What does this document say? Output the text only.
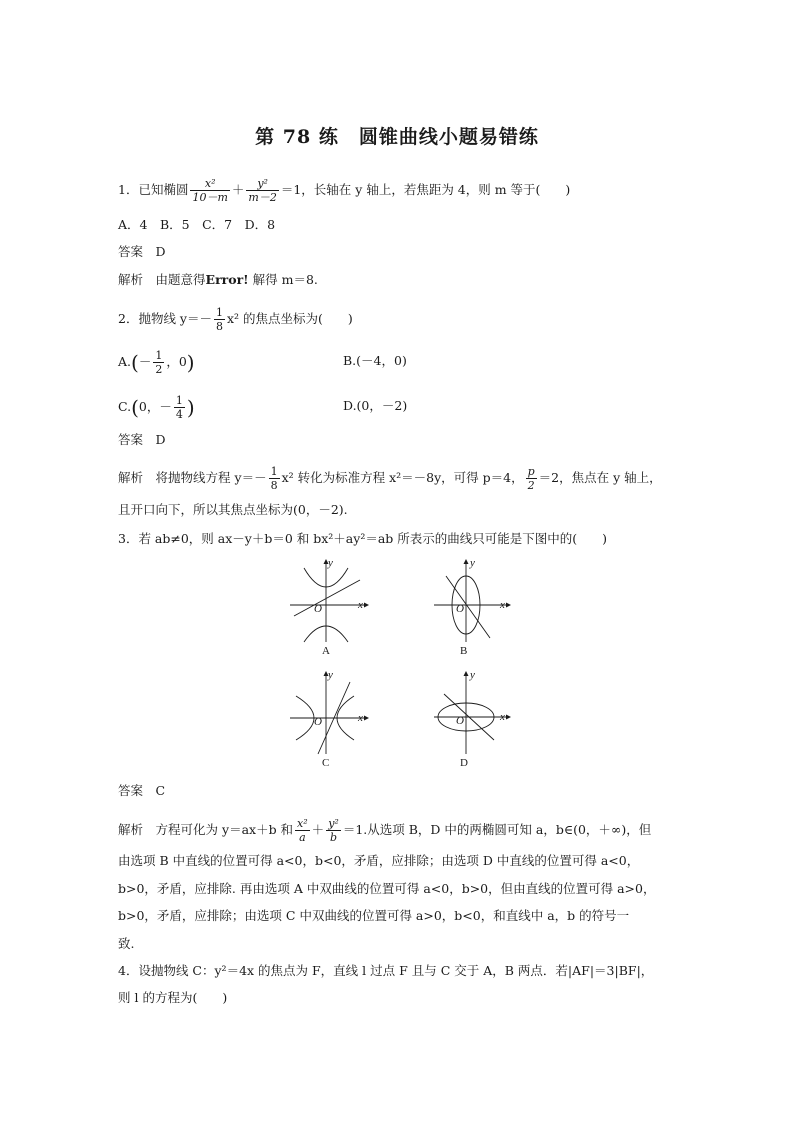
第 78 练　圆锥曲线小题易错练
1．已知椭圆 $\frac{\text{x²}}{10-m} + \frac{\text{y²}}{m-2} =1$，长轴在 y 轴上，若焦距为 4，则 m 等于(　　)
A．4　B．5　C．7　D．8
答案　 D
解析　 由题意得Error! 解得 m＝8.
2．抛物线 $y=- \frac{1}{8} x^2$ 的焦点坐标为(　　)
$A.(- \frac{1}{2}$ ，0)	B.(－4，0)
C.(0，－ $\frac{1}{4}$ )	D.(0，－2)
答案　 D
解析　 将抛物线方程 $y=- \frac{1}{8} x^2$ 转化为标准方程 x²＝－8y，可得 p＝4， $\frac{p}{2} =2$，焦点在 y 轴上，
且开口向下，所以其焦点坐标为(0，－2).
3．若 ab≠0，则 ax－y＋b＝0 和 bx²＋ay²＝ab 所表示的曲线只可能是下图中的(　　)
y
x
O
A
y
x
O
B
y
x
O
C
y
x
O
D
答案　 C
解析　 方程可化为 y＝ax＋b 和 $\frac{\text{x²}}{a} + \frac{\text{y²}}{b} =1$.从选项 B，D 中的两椭圆可知 a，b∈(0，＋∞)，但
由选项 B 中直线的位置可得 a<0，b<0，矛盾，应排除；由选项 D 中直线的位置可得 a<0，
b>0，矛盾，应排除. 再由选项 A 中双曲线的位置可得 a<0，b>0，但由直线的位置可得 a>0，
b>0，矛盾，应排除；由选项 C 中双曲线的位置可得 a>0，b<0，和直线中 a，b 的符号一
致.
4．设抛物线 C：y²＝4x 的焦点为 F，直线 l 过点 F 且与 C 交于 A，B 两点．若|AF|＝3|BF|，
则 l 的方程为(　　)
